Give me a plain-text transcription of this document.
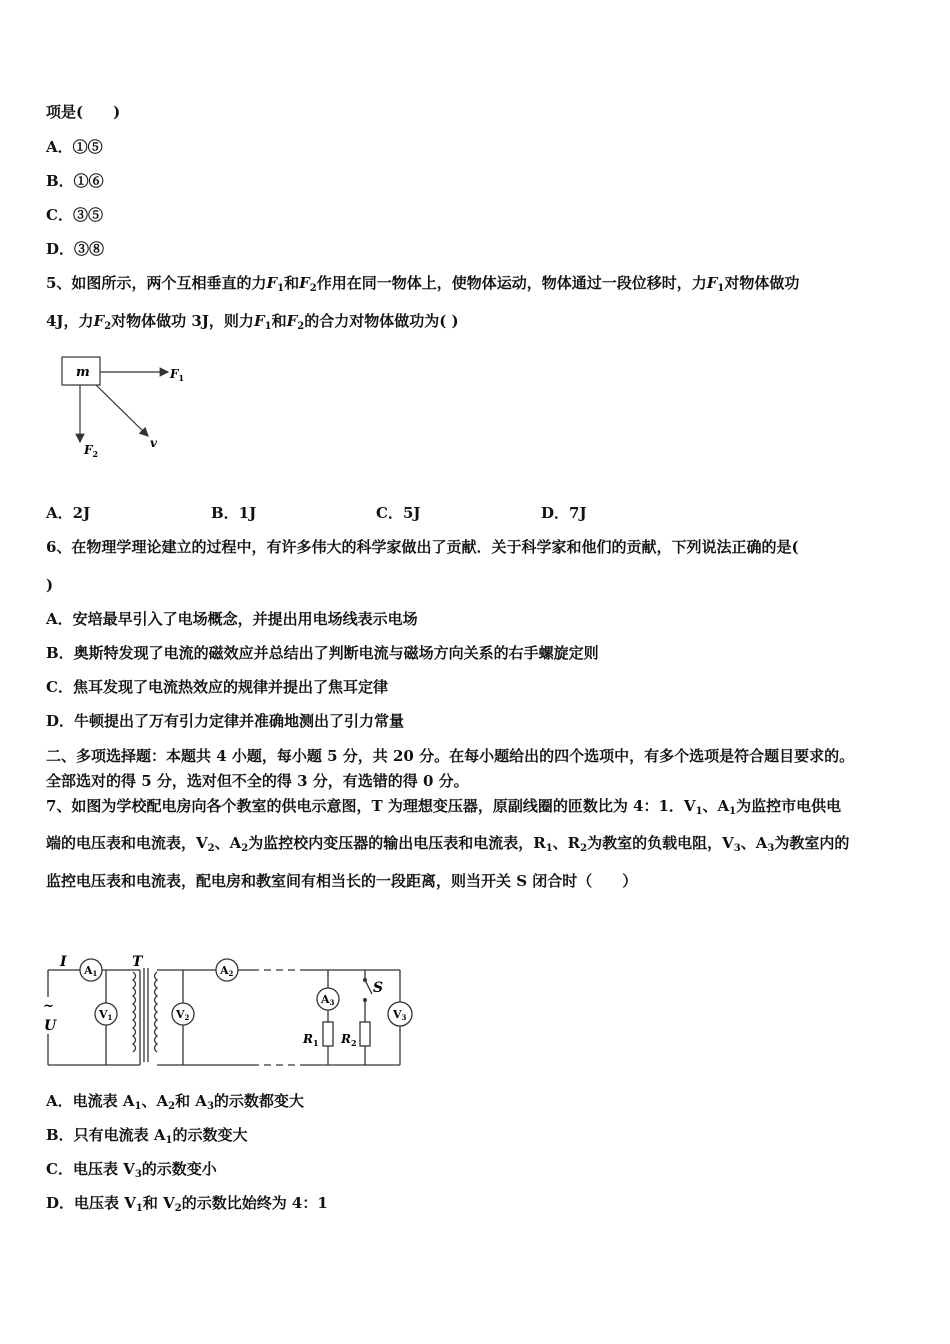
项是(　　)
A．①⑤
B．①⑥
C．③⑤
D．③⑧
5、如图所示，两个互相垂直的力$F_1$和$F_2$作用在同一物体上，使物体运动，物体通过一段位移时，力$F_1$对物体做功
4J，力$F_2$对物体做功 3J，则力$F_1$和$F_2$的合力对物体做功为( )
m	$F_1$
$F_2$
v
A．2J	B．1J	C．5J	D．7J
6、在物理学理论建立的过程中，有许多伟大的科学家做出了贡献．关于科学家和他们的贡献，下列说法正确的是(
)
A．安培最早引入了电场概念，并提出用电场线表示电场
B．奥斯特发现了电流的磁效应并总结出了判断电流与磁场方向关系的右手螺旋定则
C．焦耳发现了电流热效应的规律并提出了焦耳定律
D．牛顿提出了万有引力定律并准确地测出了引力常量
二、多项选择题：本题共 4 小题，每小题 5 分，共 20 分。在每小题给出的四个选项中，有多个选项是符合题目要求的。
全部选对的得 5 分，选对但不全的得 3 分，有选错的得 0 分。
7、如图为学校配电房向各个教室的供电示意图，T 为理想变压器，原副线圈的匝数比为 4：1．$V_1$、$A_1$为监控市电供电
端的电压表和电流表，$V_2$、$A_2$为监控校内变压器的输出电压表和电流表，$R_1$、$R_2$为教室的负载电阻，$V_3$、$A_3$为教室内的
监控电压表和电流表，配电房和教室间有相当长的一段距离，则当开关 S 闭合时（　　）
A1
V1	V2
A2
A3
V3
I	T
S
~
U
$R_1$ $R_2$
A．电流表 $A_1$、$A_2$和 $A_3$的示数都变大
B．只有电流表 $A_1$的示数变大
C．电压表 $V_3$的示数变小
D．电压表 $V_1$和 $V_2$的示数比始终为 4：1
